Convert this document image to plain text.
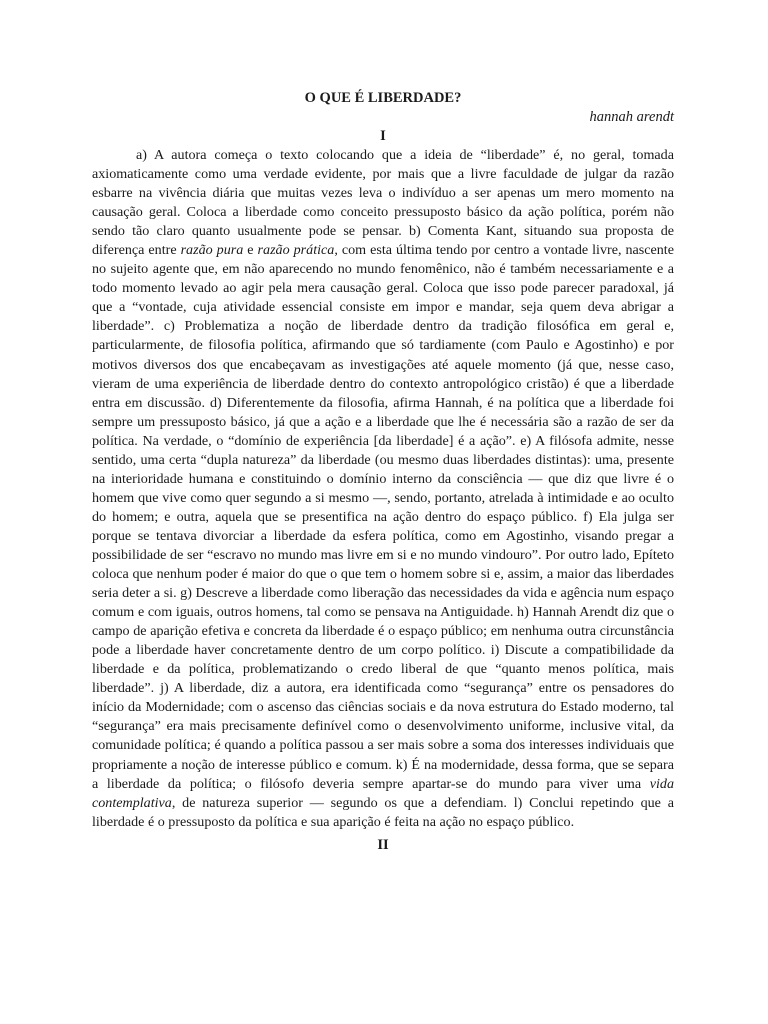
O QUE É LIBERDADE?

hannah arendt

I

a) A autora começa o texto colocando que a ideia de “liberdade” é, no geral, tomada axiomaticamente como uma verdade evidente, por mais que a livre faculdade de julgar da razão esbarre na vivência diária que muitas vezes leva o indivíduo a ser apenas um mero momento na causação geral. Coloca a liberdade como conceito pressuposto básico da ação política, porém não sendo tão claro quanto usualmente pode se pensar. b) Comenta Kant, situando sua proposta de diferença entre razão pura e razão prática, com esta última tendo por centro a vontade livre, nascente no sujeito agente que, em não aparecendo no mundo fenomênico, não é também necessariamente e a todo momento levado ao agir pela mera causação geral. Coloca que isso pode parecer paradoxal, já que a “vontade, cuja atividade essencial consiste em impor e mandar, seja quem deva abrigar a liberdade”. c) Problematiza a noção de liberdade dentro da tradição filosófica em geral e, particularmente, de filosofia política, afirmando que só tardiamente (com Paulo e Agostinho) e por motivos diversos dos que encabeçavam as investigações até aquele momento (já que, nesse caso, vieram de uma experiência de liberdade dentro do contexto antropológico cristão) é que a liberdade entra em discussão. d) Diferentemente da filosofia, afirma Hannah, é na política que a liberdade foi sempre um pressuposto básico, já que a ação e a liberdade que lhe é necessária são a razão de ser da política. Na verdade, o “domínio de experiência [da liberdade] é a ação”. e) A filósofa admite, nesse sentido, uma certa “dupla natureza” da liberdade (ou mesmo duas liberdades distintas): uma, presente na interioridade humana e constituindo o domínio interno da consciência — que diz que livre é o homem que vive como quer segundo a si mesmo —, sendo, portanto, atrelada à intimidade e ao oculto do homem; e outra, aquela que se presentifica na ação dentro do espaço público. f) Ela julga ser porque se tentava divorciar a liberdade da esfera política, como em Agostinho, visando pregar a possibilidade de ser “escravo no mundo mas livre em si e no mundo vindouro”. Por outro lado, Epíteto coloca que nenhum poder é maior do que o que tem o homem sobre si e, assim, a maior das liberdades seria deter a si. g) Descreve a liberdade como liberação das necessidades da vida e agência num espaço comum e com iguais, outros homens, tal como se pensava na Antiguidade. h) Hannah Arendt diz que o campo de aparição efetiva e concreta da liberdade é o espaço público; em nenhuma outra circunstância pode a liberdade haver concretamente dentro de um corpo político. i) Discute a compatibilidade da liberdade e da política, problematizando o credo liberal de que “quanto menos política, mais liberdade”. j) A liberdade, diz a autora, era identificada como “segurança” entre os pensadores do início da Modernidade; com o ascenso das ciências sociais e da nova estrutura do Estado moderno, tal “segurança” era mais precisamente definível como o desenvolvimento uniforme, inclusive vital, da comunidade política; é quando a política passou a ser mais sobre a soma dos interesses individuais que propriamente a noção de interesse público e comum. k) É na modernidade, dessa forma, que se separa a liberdade da política; o filósofo deveria sempre apartar-se do mundo para viver uma vida contemplativa, de natureza superior — segundo os que a defendiam. l) Conclui repetindo que a liberdade é o pressuposto da política e sua aparição é feita na ação no espaço público.

II
